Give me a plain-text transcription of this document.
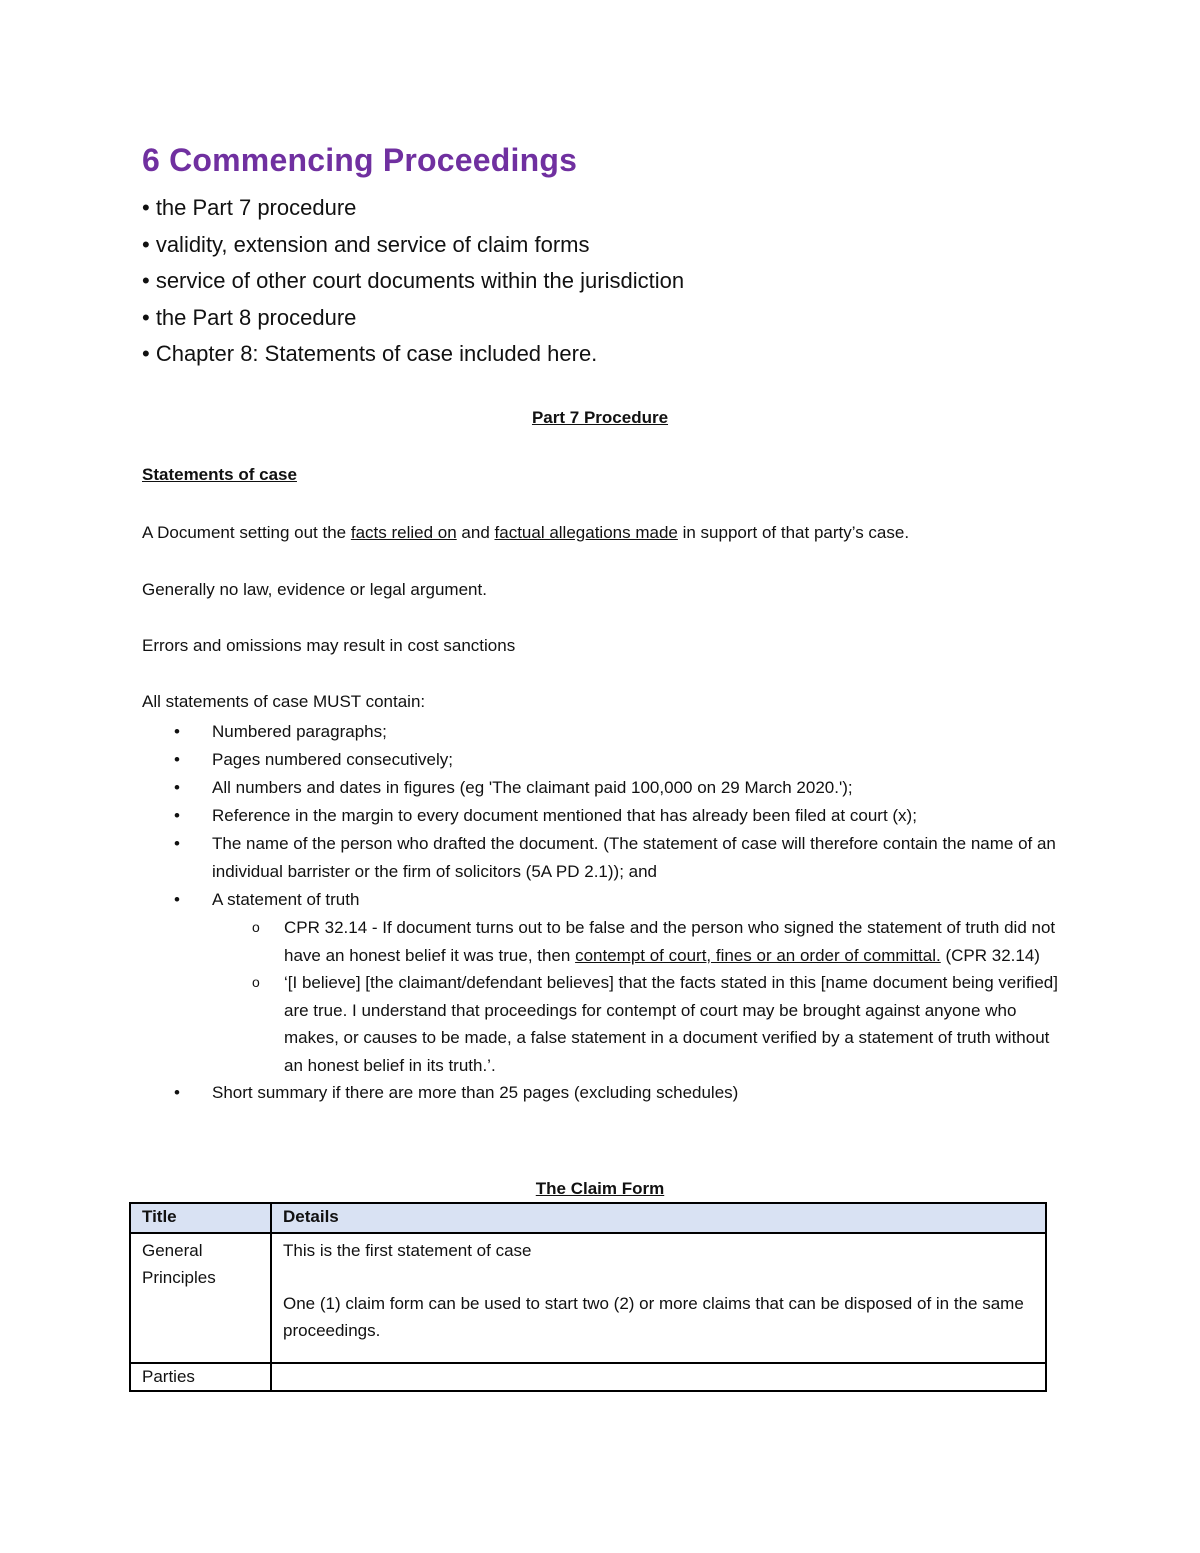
6 Commencing Proceedings
• the Part 7 procedure
• validity, extension and service of claim forms
• service of other court documents within the jurisdiction
• the Part 8 procedure
• Chapter 8: Statements of case included here.
Part 7 Procedure
Statements of case
A Document setting out the facts relied on and factual allegations made in support of that party’s case.
Generally no law, evidence or legal argument.
Errors and omissions may result in cost sanctions
All statements of case MUST contain:
• Numbered paragraphs;
• Pages numbered consecutively;
• All numbers and dates in figures (eg 'The claimant paid 100,000 on 29 March 2020.');
• Reference in the margin to every document mentioned that has already been filed at court (x);
• The name of the person who drafted the document. (The statement of case will therefore contain the name of an individual barrister or the firm of solicitors (5A PD 2.1)); and
• A statement of truth
o CPR 32.14 - If document turns out to be false and the person who signed the statement of truth did not have an honest belief it was true, then contempt of court, fines or an order of committal. (CPR 32.14)
o ‘[I believe] [the claimant/defendant believes] that the facts stated in this [name document being verified] are true. I understand that proceedings for contempt of court may be brought against anyone who makes, or causes to be made, a false statement in a document verified by a statement of truth without an honest belief in its truth.’.
• Short summary if there are more than 25 pages (excluding schedules)
The Claim Form
Title	Details
General Principles	This is the first statement of case

One (1) claim form can be used to start two (2) or more claims that can be disposed of in the same proceedings.

Parties	
